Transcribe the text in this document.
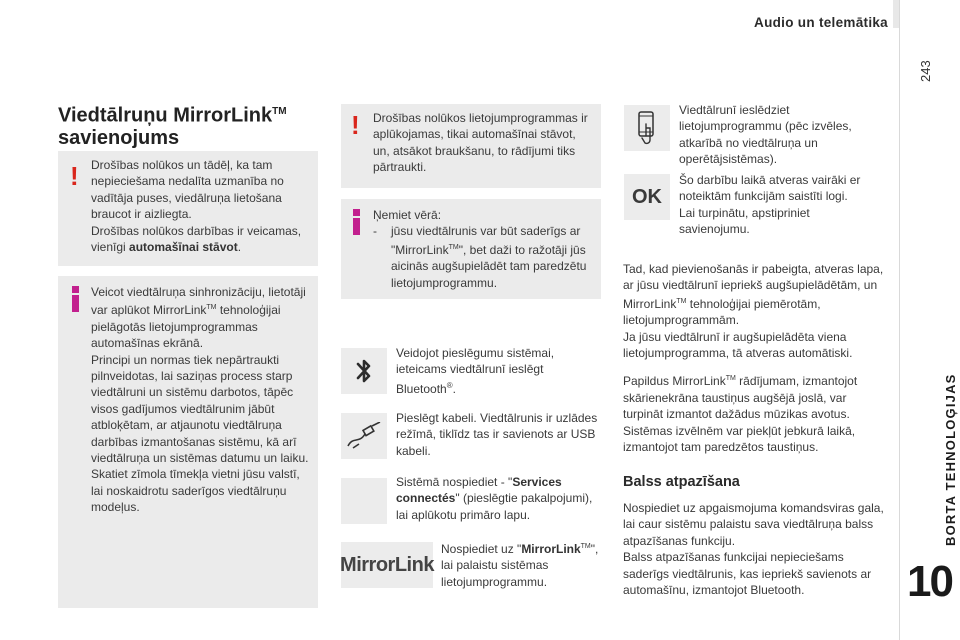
Audio un telemātika
243
BORTA TEHNOLOĢIJAS
10
Viedtālruņu MirrorLink™
savienojums
! Drošības nolūkos un tādēļ, ka tam nepieciešama nedalīta uzmanība no vadītāja puses, viedālruņa lietošana braucot ir aizliegta.
Drošības nolūkos darbības ir veicamas, vienīgi automašīnai stāvot.

Veicot viedtālruņa sinhronizāciju, lietotāji var aplūkot MirrorLink™ tehnoloģijai pielāgotās lietojumprogrammas automašīnas ekrānā.
Principi un normas tiek nepārtraukti pilnveidotas, lai saziņas process starp viedtālruni un sistēmu darbotos, tāpēc visos gadījumos viedtālrunim jābūt atbloķētam, ar atjaunotu viedtālruņa darbības izmantošanas sistēmu, kā arī viedtālruņa un sistēmas datumu un laiku.
Skatiet zīmola tīmekļa vietni jūsu valstī, lai noskaidrotu saderīgos viedtālruņu modeļus.

! Drošības nolūkos lietojumprogrammas ir aplūkojamas, tikai automašīnai stāvot, un, atsākot braukšanu, to rādījumi tiks pārtraukti.

Ņemiet vērā:

-	jūsu viedtālrunis var būt saderīgs ar "MirrorLink™", bet daži to ražotāji jūs aicinās augšupielādēt tam paredzētu lietojumprogrammu.

Veidojot pieslēgumu sistēmai, ieteicams viedtālrunī ieslēgt Bluetooth®.

Pieslēgt kabeli. Viedtālrunis ir uzlādes režīmā, tiklīdz tas ir savienots ar USB kabeli.

Sistēmā nospiediet - "Services connectés" (pieslēgtie pakalpojumi), lai aplūkotu primāro lapu.

MirrorLink

Nospiediet uz "MirrorLink™", lai palaistu sistēmas lietojumprogrammu.

Viedtālrunī ieslēdziet lietojumprogrammu (pēc izvēles, atkarībā no viedtālruņa un operētājsistēmas).

OK

Šo darbību laikā atveras vairāki er noteiktām funkcijām saistīti logi.
Lai turpinātu, apstipriniet savienojumu.

Tad, kad pievienošanās ir pabeigta, atveras lapa, ar jūsu viedtālrunī iepriekš augšupielādētām, un MirrorLink™ tehnoloģijai piemērotām, lietojumprogrammām.
Ja jūsu viedtālrunī ir augšupielādēta viena lietojumprogramma, tā atveras automātiski.

Papildus MirrorLink™ rādījumam, izmantojot skārienekrāna taustiņus augšējā joslā, var turpināt izmantot dažādus mūzikas avotus.
Sistēmas izvēlnēm var piekļūt jebkurā laikā, izmantojot tam paredzētos taustiņus.

Balss atpazīšana

Nospiediet uz apgaismojuma komandsviras gala, lai caur sistēmu palaistu sava viedtālruņa balss atpazīšanas funkciju.
Balss atpazīšanas funkcijai nepieciešams saderīgs viedtālrunis, kas iepriekš savienots ar automašīnu, izmantojot Bluetooth.
